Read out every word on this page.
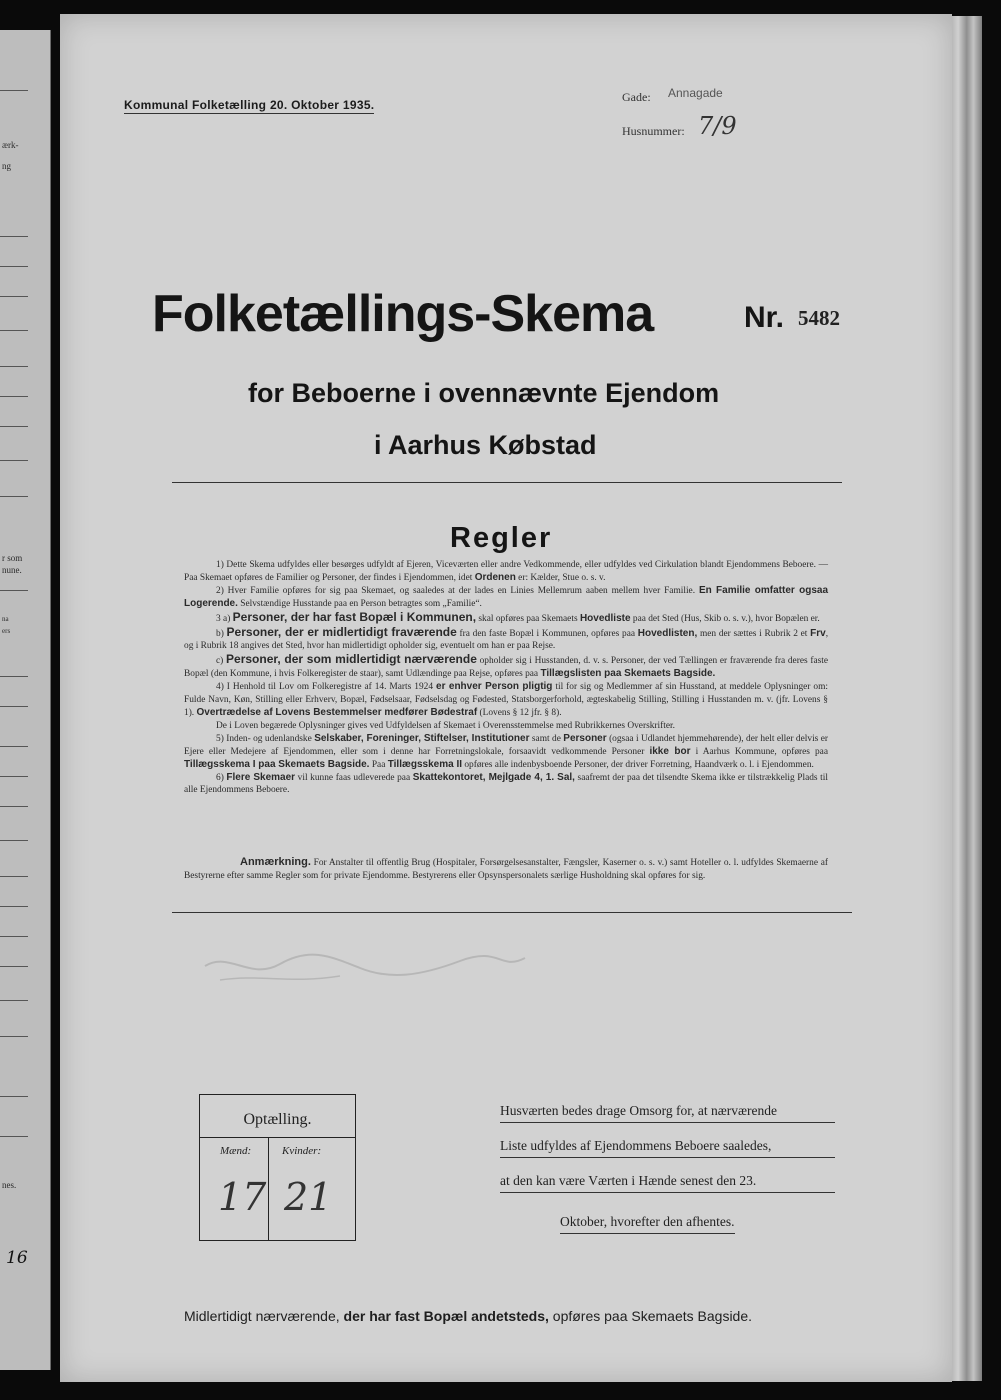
ærk-
ng
r som
nune.
na
ers
nes.
16
Kommunal Folketælling 20. Oktober 1935.
Gade: Annagade
Husnummer: 7/9
Folketællings-Skema	Nr. 5482
for Beboerne i ovennævnte Ejendom
i Aarhus Købstad
Regler

1) Dette Skema udfyldes eller besørges udfyldt af Ejeren, Viceværten eller andre Vedkommende, eller udfyldes ved Cirkulation blandt Ejendommens Beboere. — Paa Skemaet opføres de Familier og Personer, der findes i Ejendommen, idet Ordenen er: Kælder, Stue o. s. v.

2) Hver Familie opføres for sig paa Skemaet, og saaledes at der lades en Linies Mellemrum aaben mellem hver Familie. En Familie omfatter ogsaa Logerende. Selvstændige Husstande paa en Person betragtes som „Familie“.

3 a) Personer, der har fast Bopæl i Kommunen, skal opføres paa Skemaets Hovedliste paa det Sted (Hus, Skib o. s. v.), hvor Bopælen er.

b) Personer, der er midlertidigt fraværende fra den faste Bopæl i Kommunen, opføres paa Hovedlisten, men der sættes i Rubrik 2 et Frv, og i Rubrik 18 angives det Sted, hvor han midlertidigt opholder sig, eventuelt om han er paa Rejse.

c) Personer, der som midlertidigt nærværende opholder sig i Husstanden, d. v. s. Personer, der ved Tællingen er fraværende fra deres faste Bopæl (den Kommune, i hvis Folkeregister de staar), samt Udlændinge paa Rejse, opføres paa Tillægslisten paa Skemaets Bagside.

4) I Henhold til Lov om Folkeregistre af 14. Marts 1924 er enhver Person pligtig til for sig og Medlemmer af sin Husstand, at meddele Oplysninger om: Fulde Navn, Køn, Stilling eller Erhverv, Bopæl, Fødselsaar, Fødselsdag og Fødested, Statsborgerforhold, ægteskabelig Stilling, Stilling i Husstanden m. v. (jfr. Lovens § 1). Overtrædelse af Lovens Bestemmelser medfører Bødestraf (Lovens § 12 jfr. § 8).

De i Loven begærede Oplysninger gives ved Udfyldelsen af Skemaet i Overensstemmelse med Rubrikkernes Overskrifter.

5) Inden- og udenlandske Selskaber, Foreninger, Stiftelser, Institutioner samt de Personer (ogsaa i Udlandet hjemmehørende), der helt eller delvis er Ejere eller Medejere af Ejendommen, eller som i denne har Forretningslokale, forsaavidt vedkommende Personer ikke bor i Aarhus Kommune, opføres paa Tillægsskema I paa Skemaets Bagside. Paa Tillægsskema II opføres alle indenbysboende Personer, der driver Forretning, Haandværk o. l. i Ejendommen.

6) Flere Skemaer vil kunne faas udleverede paa Skattekontoret, Mejlgade 4, 1. Sal, saafremt der paa det tilsendte Skema ikke er tilstrækkelig Plads til alle Ejendommens Beboere.

Anmærkning. For Anstalter til offentlig Brug (Hospitaler, Forsørgelsesanstalter, Fængsler, Kaserner o. s. v.) samt Hoteller o. l. udfyldes Skemaerne af Bestyrerne efter samme Regler som for private Ejendomme. Bestyrerens eller Opsynspersonalets særlige Husholdning skal opføres for sig.
Optælling.
Mænd:	Kvinder:
17 21
Husværten bedes drage Omsorg for, at nærværende
Liste udfyldes af Ejendommens Beboere saaledes,
at den kan være Værten i Hænde senest den 23.
Oktober, hvorefter den afhentes.
Midlertidigt nærværende, der har fast Bopæl andetsteds, opføres paa Skemaets Bagside.
